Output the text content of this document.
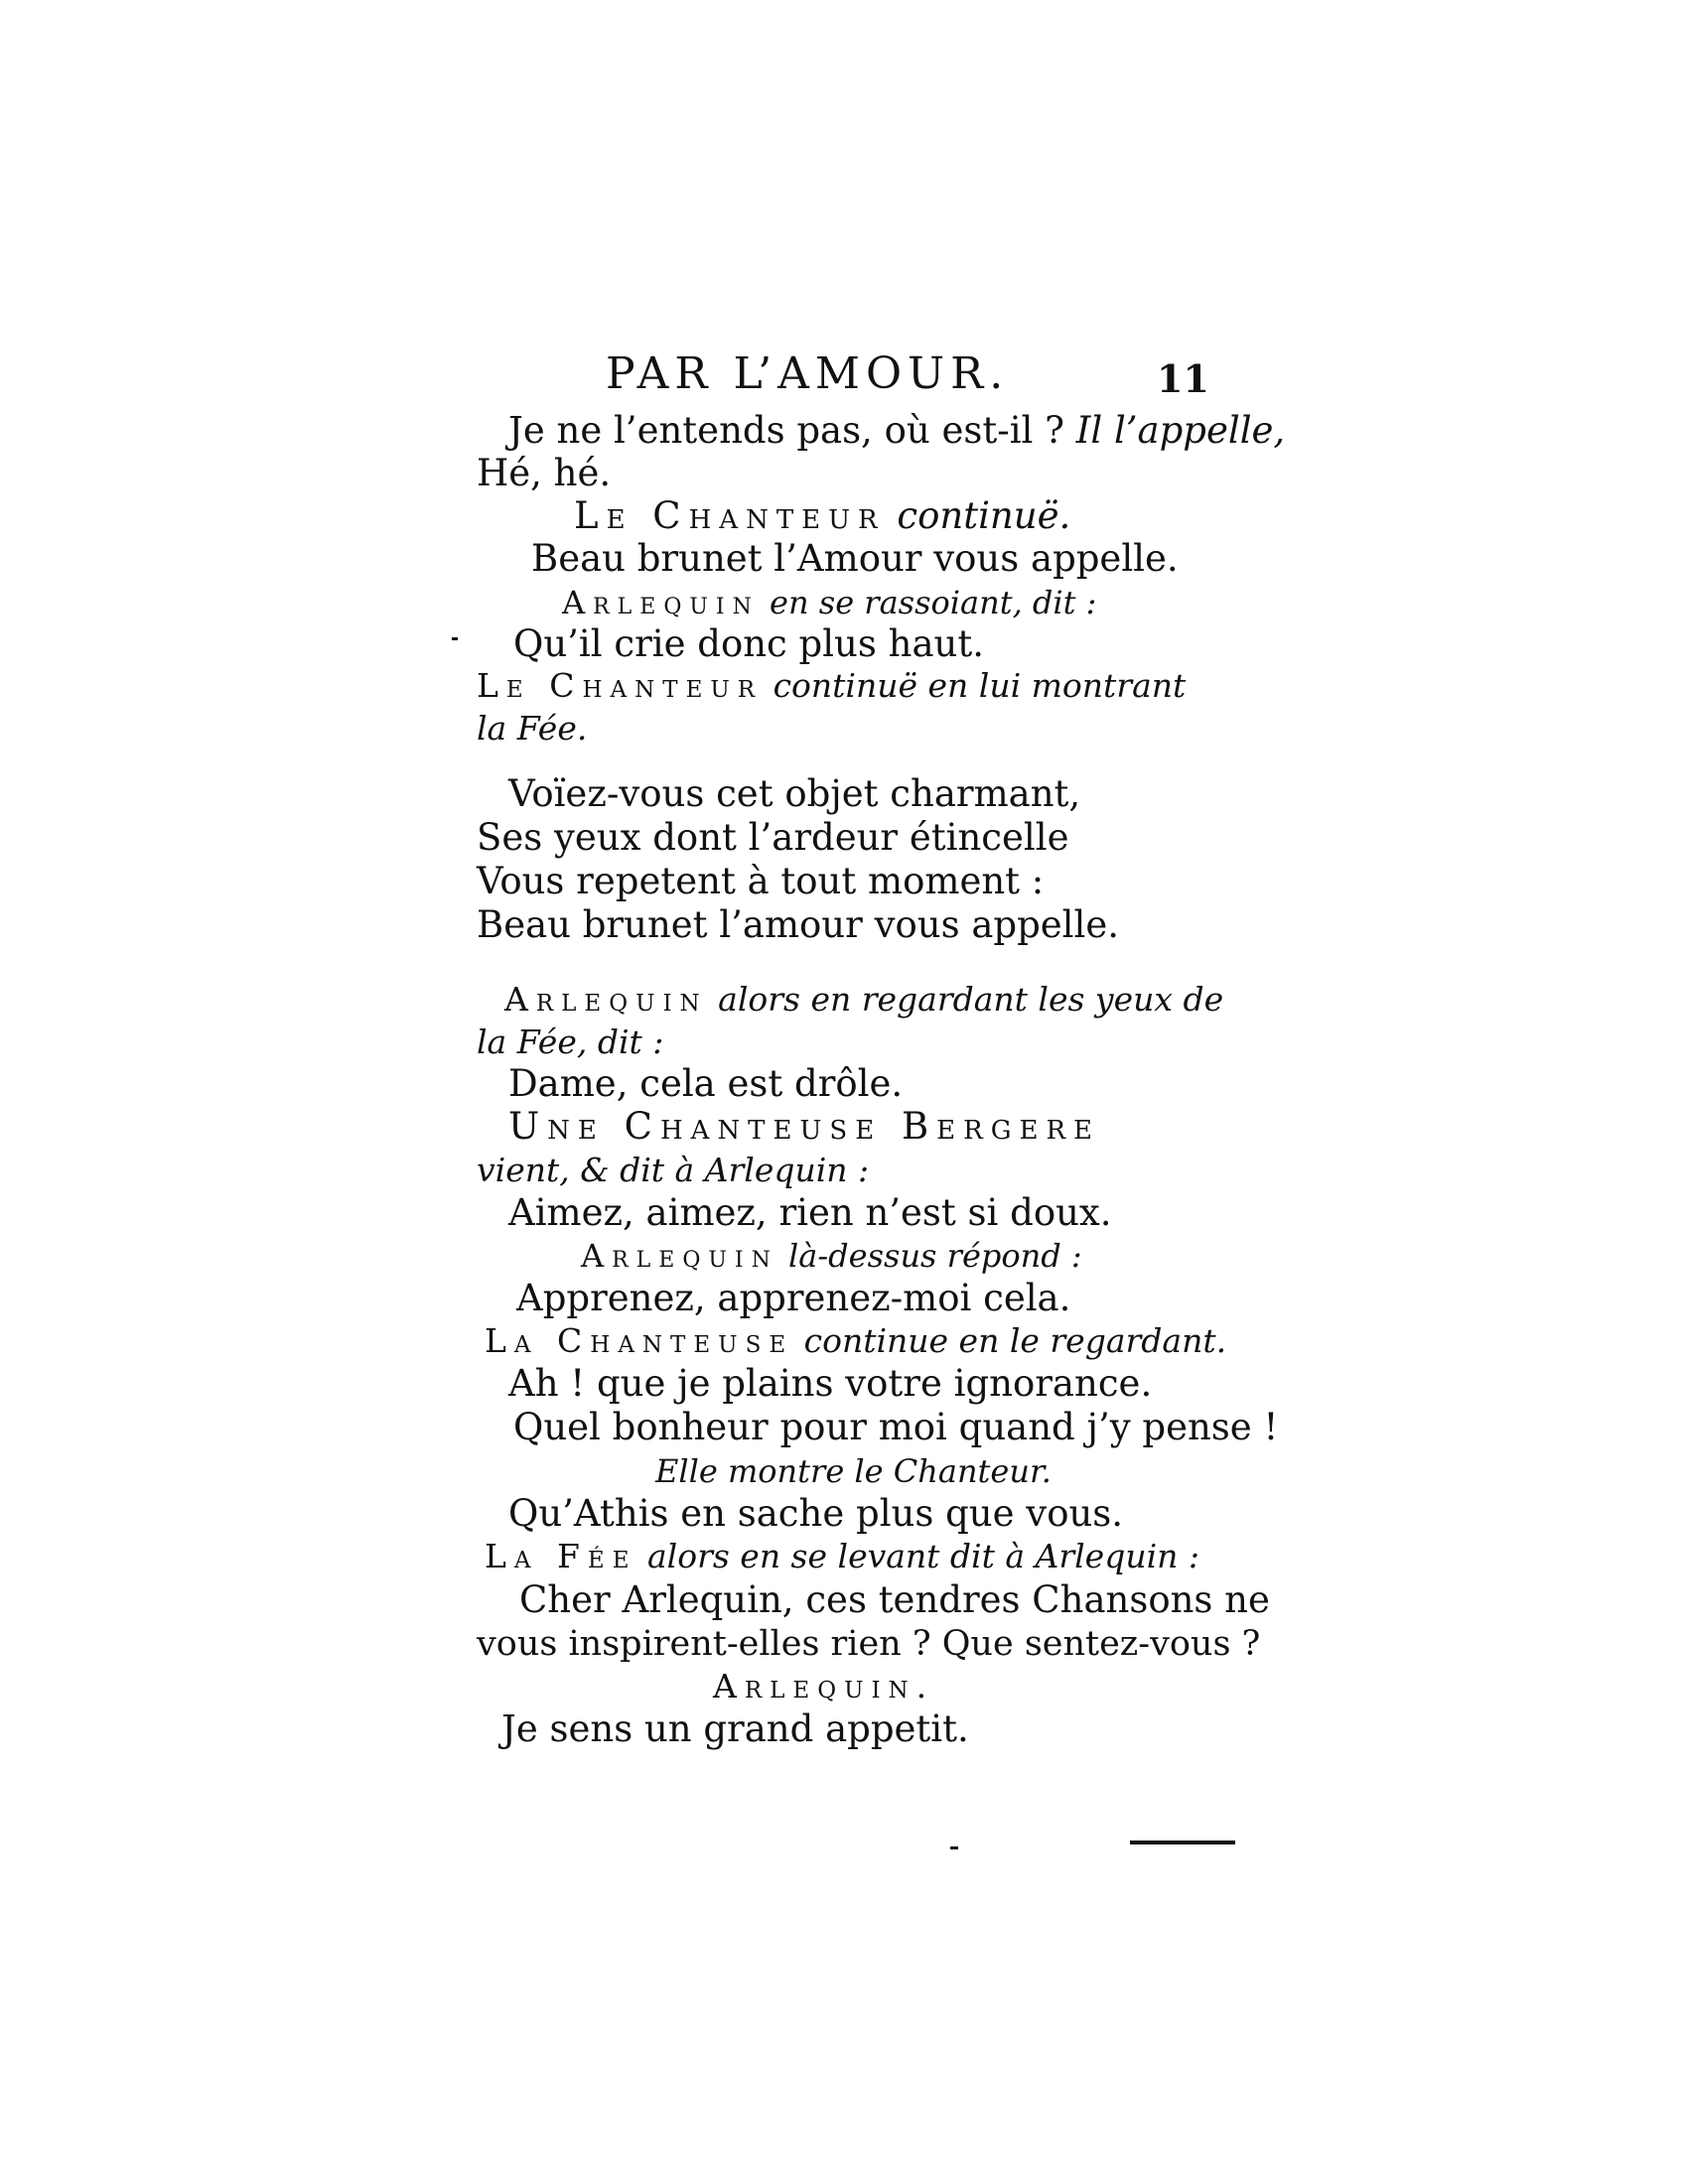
PAR L’AMOUR.	11
Je ne l’entends pas, où est-il ? Il l’appelle,
Hé, hé.
Le Chanteur continuë.
Beau brunet l’Amour vous appelle.
Arlequin en se rassoiant, dit :
Qu’il crie donc plus haut.
Le Chanteur continuë en lui montrant
la Fée.
Voïez-vous cet objet charmant,
Ses yeux dont l’ardeur étincelle
Vous repetent à tout moment :
Beau brunet l’amour vous appelle.
Arlequin alors en regardant les yeux de
la Fée, dit :
Dame, cela est drôle.
Une Chanteuse Bergere
vient, & dit à Arlequin :
Aimez, aimez, rien n’est si doux.
Arlequin là-dessus répond :
Apprenez, apprenez-moi cela.
La Chanteuse continue en le regardant.
Ah ! que je plains votre ignorance.
Quel bonheur pour moi quand j’y pense !
Elle montre le Chanteur.
Qu’Athis en sache plus que vous.
La Fée alors en se levant dit à Arlequin :
Cher Arlequin, ces tendres Chansons ne
vous inspirent-elles rien ? Que sentez-vous ?
Arlequin.
Je sens un grand appetit.
